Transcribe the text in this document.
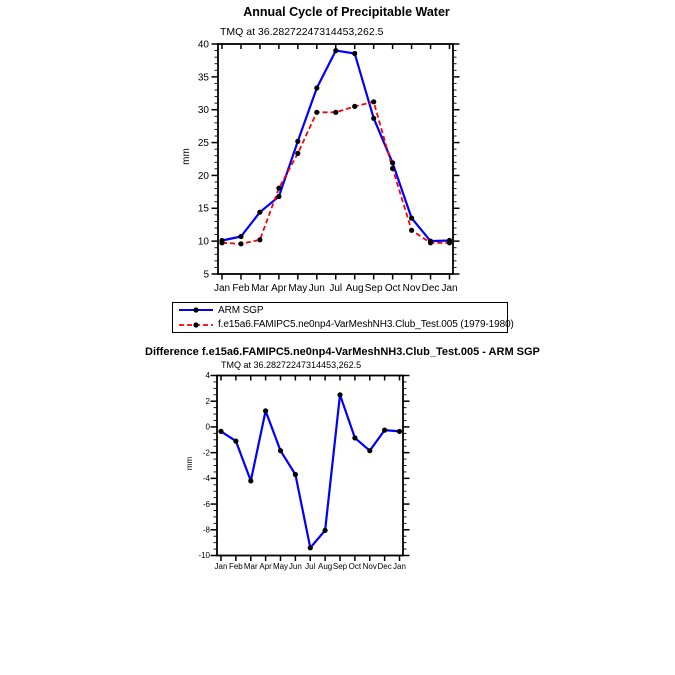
Annual Cycle of Precipitable Water
TMQ at 36.28272247314453,262.5
mm
40
35
30
25
20
15
10
5
Jan Feb Mar Apr May Jun Jul Aug Sep Oct Nov Dec Jan
4
2
0
-2
-4
-6
-8
-10
Jan Feb Mar Apr May Jun Jul Aug Sep Oct Nov Dec Jan
ARM SGP
f.e15a6.FAMIPC5.ne0np4-VarMeshNH3.Club_Test.005 (1979-1980)
Difference f.e15a6.FAMIPC5.ne0np4-VarMeshNH3.Club_Test.005 - ARM SGP
TMQ at 36.28272247314453,262.5
mm
